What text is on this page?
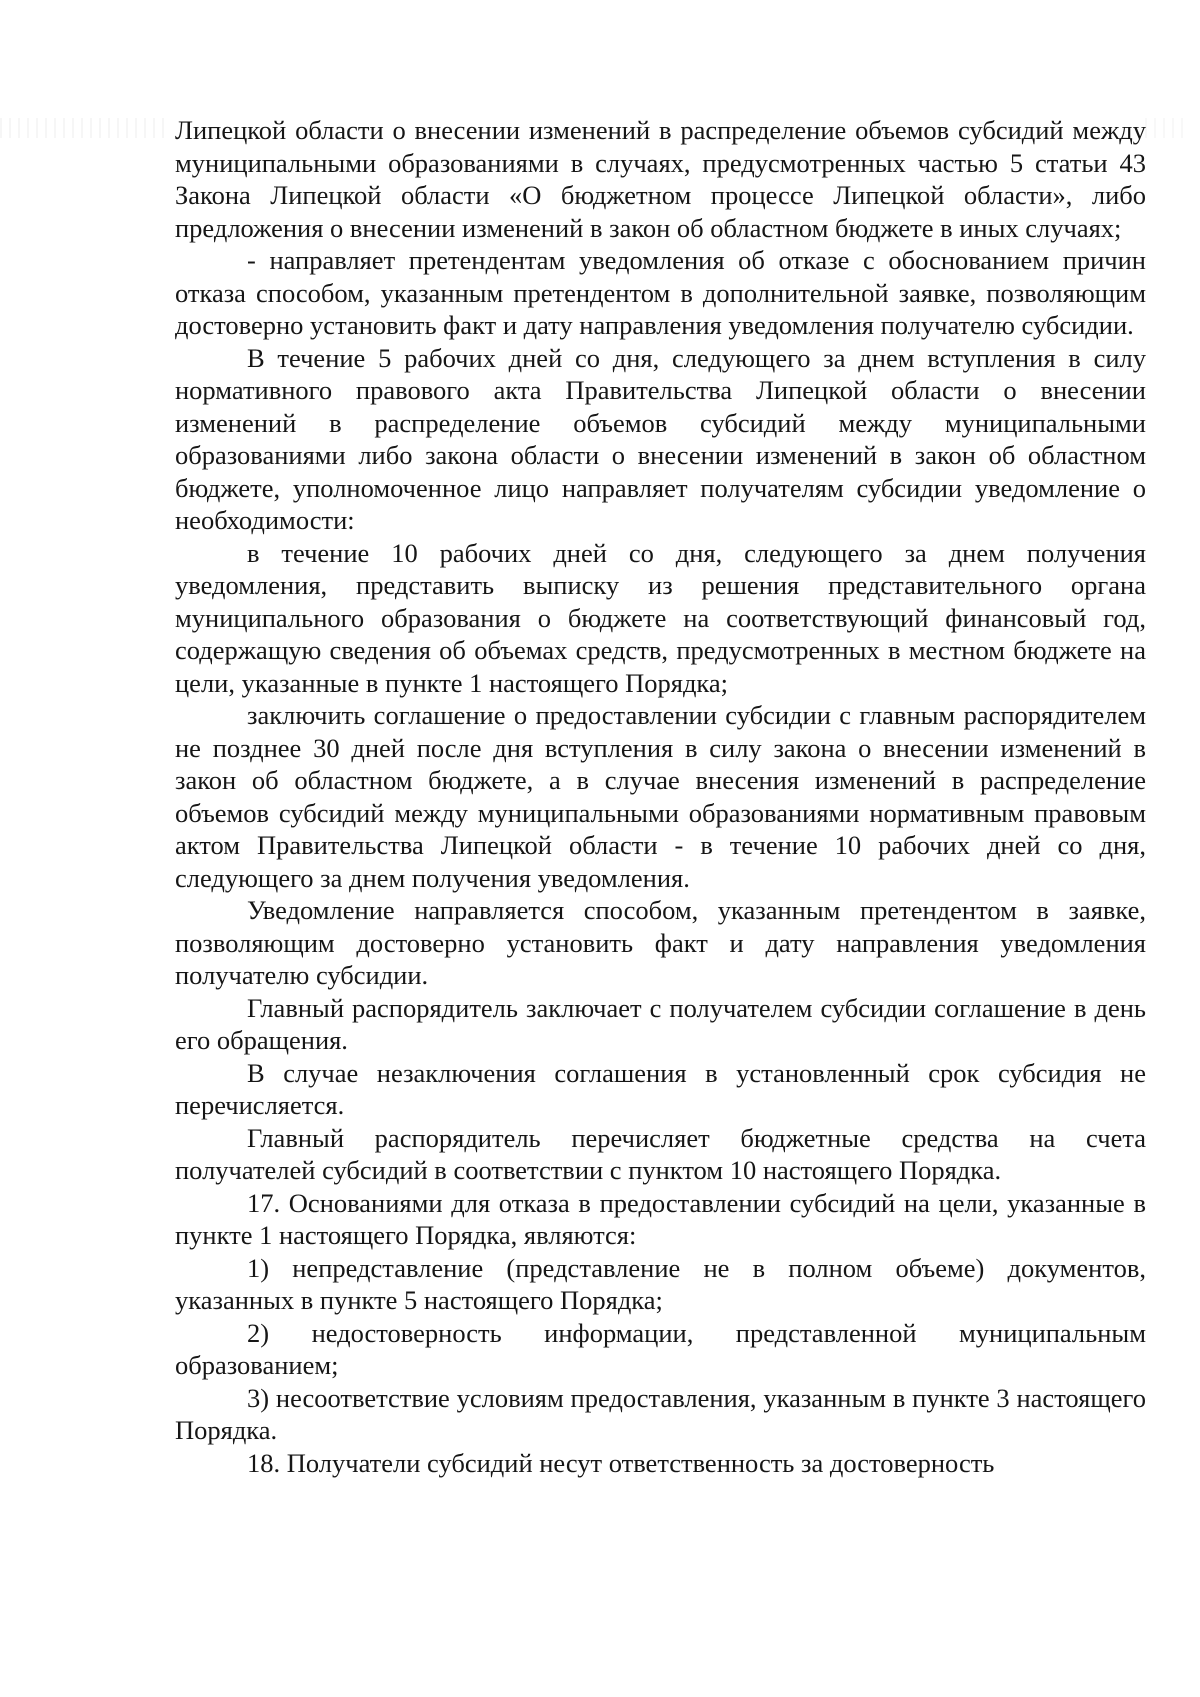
Липецкой области о внесении изменений в распределение объемов субсидий между муниципальными образованиями в случаях, предусмотренных частью 5 статьи 43 Закона Липецкой области «О бюджетном процессе Липецкой области», либо предложения о внесении изменений в закон об областном бюджете в иных случаях;

- направляет претендентам уведомления об отказе с обоснованием причин отказа способом, указанным претендентом в дополнительной заявке, позволяющим достоверно установить факт и дату направления уведомления получателю субсидии.

В течение 5 рабочих дней со дня, следующего за днем вступления в силу нормативного правового акта Правительства Липецкой области о внесении изменений в распределение объемов субсидий между муниципальными образованиями либо закона области о внесении изменений в закон об областном бюджете, уполномоченное лицо направляет получателям субсидии уведомление о необходимости:

в течение 10 рабочих дней со дня, следующего за днем получения уведомления, представить выписку из решения представительного органа муниципального образования о бюджете на соответствующий финансовый год, содержащую сведения об объемах средств, предусмотренных в местном бюджете на цели, указанные в пункте 1 настоящего Порядка;

заключить соглашение о предоставлении субсидии с главным распорядителем не позднее 30 дней после дня вступления в силу закона о внесении изменений в закон об областном бюджете, а в случае внесения изменений в распределение объемов субсидий между муниципальными образованиями нормативным правовым актом Правительства Липецкой области - в течение 10 рабочих дней со дня, следующего за днем получения уведомления.

Уведомление направляется способом, указанным претендентом в заявке, позволяющим достоверно установить факт и дату направления уведомления получателю субсидии.

Главный распорядитель заключает с получателем субсидии соглашение в день его обращения.

В случае незаключения соглашения в установленный срок субсидия не перечисляется.

Главный распорядитель перечисляет бюджетные средства на счета получателей субсидий в соответствии с пунктом 10 настоящего Порядка.

17. Основаниями для отказа в предоставлении субсидий на цели, указанные в пункте 1 настоящего Порядка, являются:

1) непредставление (представление не в полном объеме) документов, указанных в пункте 5 настоящего Порядка;

2) недостоверность информации, представленной муниципальным образованием;

3) несоответствие условиям предоставления, указанным в пункте 3 настоящего Порядка.

18. Получатели субсидий несут ответственность за достоверность
